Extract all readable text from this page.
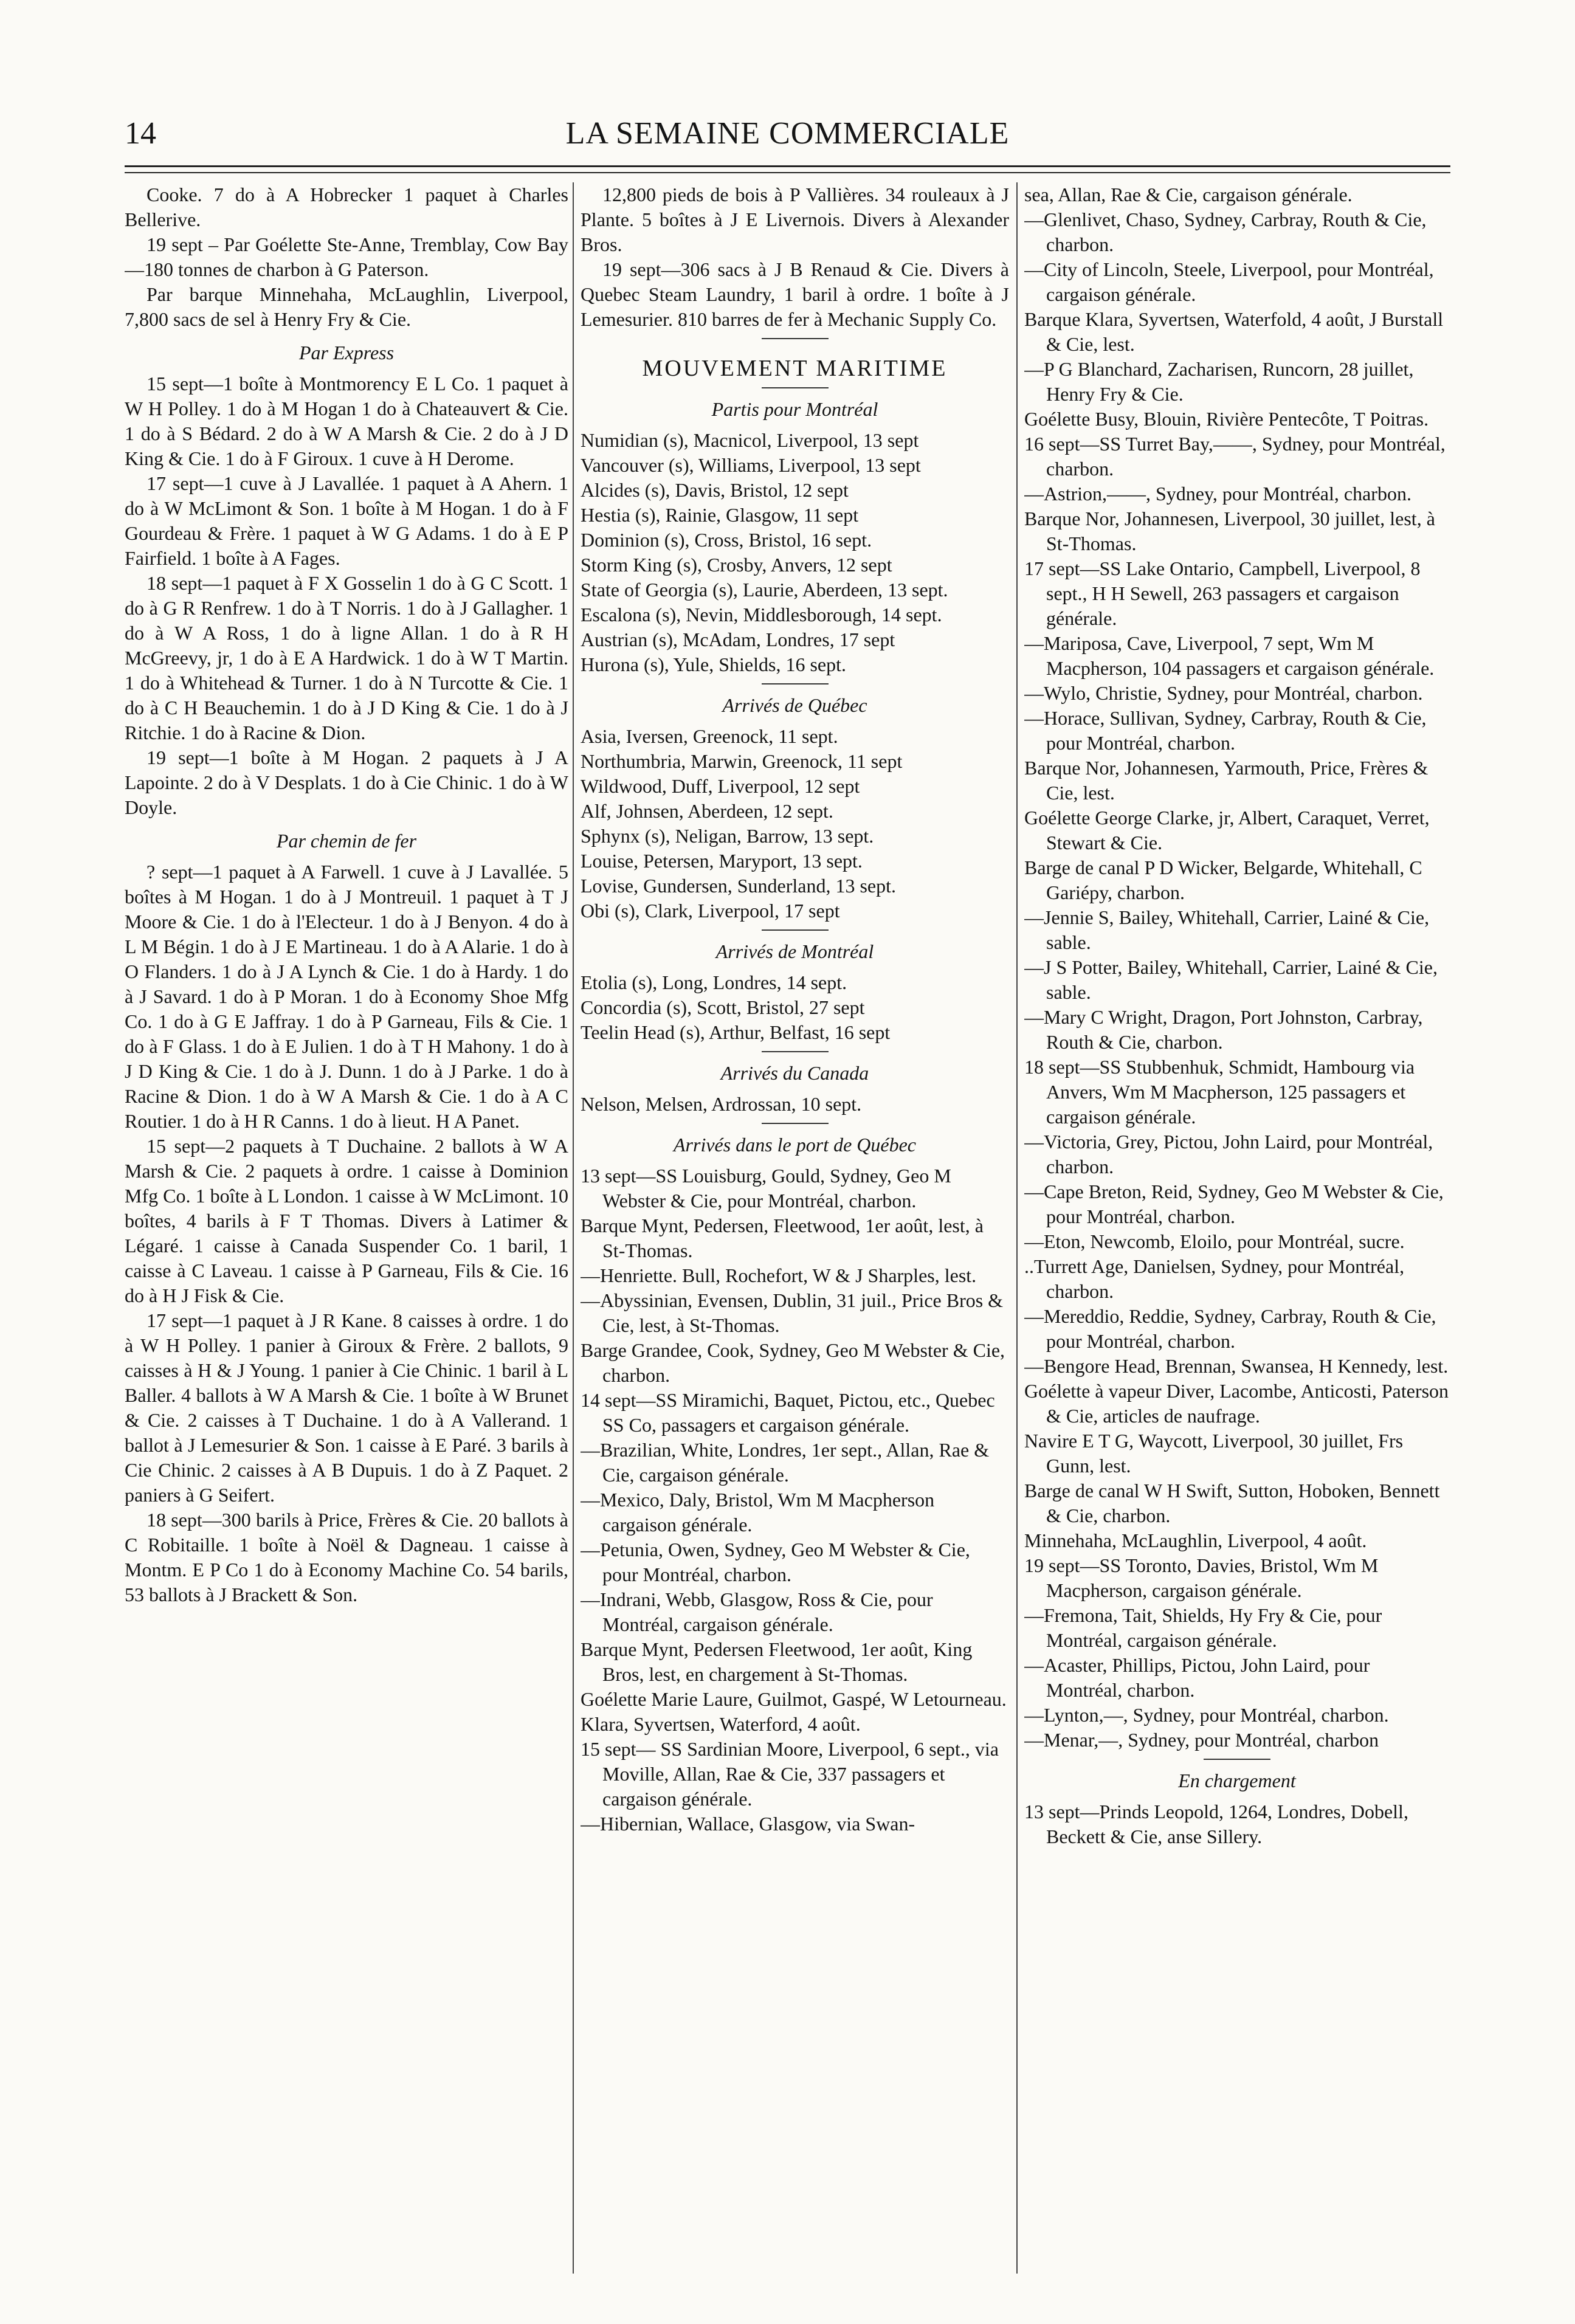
14	LA SEMAINE COMMERCIALE

Cooke. 7 do à A Hobrecker 1 paquet à Charles Bellerive.

19 sept – Par Goélette Ste-Anne, Tremblay, Cow Bay—180 tonnes de charbon à G Paterson.

Par barque Minnehaha, McLaughlin, Liverpool, 7,800 sacs de sel à Henry Fry & Cie.

Par Express

15 sept—1 boîte à Montmorency E L Co. 1 paquet à W H Polley. 1 do à M Hogan 1 do à Chateauvert & Cie. 1 do à S Bédard. 2 do à W A Marsh & Cie. 2 do à J D King & Cie. 1 do à F Giroux. 1 cuve à H Derome.

17 sept—1 cuve à J Lavallée. 1 paquet à A Ahern. 1 do à W McLimont & Son. 1 boîte à M Hogan. 1 do à F Gourdeau & Frère. 1 paquet à W G Adams. 1 do à E P Fairfield. 1 boîte à A Fages.

18 sept—1 paquet à F X Gosselin 1 do à G C Scott. 1 do à G R Renfrew. 1 do à T Norris. 1 do à J Gallagher. 1 do à W A Ross, 1 do à ligne Allan. 1 do à R H McGreevy, jr, 1 do à E A Hardwick. 1 do à W T Martin. 1 do à Whitehead & Turner. 1 do à N Turcotte & Cie. 1 do à C H Beauchemin. 1 do à J D King & Cie. 1 do à J Ritchie. 1 do à Racine & Dion.

19 sept—1 boîte à M Hogan. 2 paquets à J A Lapointe. 2 do à V Desplats. 1 do à Cie Chinic. 1 do à W Doyle.

Par chemin de fer

? sept—1 paquet à A Farwell. 1 cuve à J Lavallée. 5 boîtes à M Hogan. 1 do à J Montreuil. 1 paquet à T J Moore & Cie. 1 do à l'Electeur. 1 do à J Benyon. 4 do à L M Bégin. 1 do à J E Martineau. 1 do à A Alarie. 1 do à O Flanders. 1 do à J A Lynch & Cie. 1 do à Hardy. 1 do à J Savard. 1 do à P Moran. 1 do à Economy Shoe Mfg Co. 1 do à G E Jaffray. 1 do à P Garneau, Fils & Cie. 1 do à F Glass. 1 do à E Julien. 1 do à T H Mahony. 1 do à J D King & Cie. 1 do à J. Dunn. 1 do à J Parke. 1 do à Racine & Dion. 1 do à W A Marsh & Cie. 1 do à A C Routier. 1 do à H R Canns. 1 do à lieut. H A Panet.

15 sept—2 paquets à T Duchaine. 2 ballots à W A Marsh & Cie. 2 paquets à ordre. 1 caisse à Dominion Mfg Co. 1 boîte à L London. 1 caisse à W McLimont. 10 boîtes, 4 barils à F T Thomas. Divers à Latimer & Légaré. 1 caisse à Canada Suspender Co. 1 baril, 1 caisse à C Laveau. 1 caisse à P Garneau, Fils & Cie. 16 do à H J Fisk & Cie.

17 sept—1 paquet à J R Kane. 8 caisses à ordre. 1 do à W H Polley. 1 panier à Giroux & Frère. 2 ballots, 9 caisses à H & J Young. 1 panier à Cie Chinic. 1 baril à L Baller. 4 ballots à W A Marsh & Cie. 1 boîte à W Brunet & Cie. 2 caisses à T Duchaine. 1 do à A Vallerand. 1 ballot à J Lemesurier & Son. 1 caisse à E Paré. 3 barils à Cie Chinic. 2 caisses à A B Dupuis. 1 do à Z Paquet. 2 paniers à G Seifert.

18 sept—300 barils à Price, Frères & Cie. 20 ballots à C Robitaille. 1 boîte à Noël & Dagneau. 1 caisse à Montm. E P Co 1 do à Economy Machine Co. 54 barils, 53 ballots à J Brackett & Son.

12,800 pieds de bois à P Vallières. 34 rouleaux à J Plante. 5 boîtes à J E Livernois. Divers à Alexander Bros.

19 sept—306 sacs à J B Renaud & Cie. Divers à Quebec Steam Laundry, 1 baril à ordre. 1 boîte à J Lemesurier. 810 barres de fer à Mechanic Supply Co.

MOUVEMENT MARITIME
Partis pour Montréal

Numidian (s), Macnicol, Liverpool, 13 sept

Vancouver (s), Williams, Liverpool, 13 sept

Alcides (s), Davis, Bristol, 12 sept

Hestia (s), Rainie, Glasgow, 11 sept

Dominion (s), Cross, Bristol, 16 sept.

Storm King (s), Crosby, Anvers, 12 sept

State of Georgia (s), Laurie, Aberdeen, 13 sept.

Escalona (s), Nevin, Middlesborough, 14 sept.

Austrian (s), McAdam, Londres, 17 sept

Hurona (s), Yule, Shields, 16 sept.

Arrivés de Québec

Asia, Iversen, Greenock, 11 sept.

Northumbria, Marwin, Greenock, 11 sept

Wildwood, Duff, Liverpool, 12 sept

Alf, Johnsen, Aberdeen, 12 sept.

Sphynx (s), Neligan, Barrow, 13 sept.

Louise, Petersen, Maryport, 13 sept.

Lovise, Gundersen, Sunderland, 13 sept.

Obi (s), Clark, Liverpool, 17 sept

Arrivés de Montréal

Etolia (s), Long, Londres, 14 sept.

Concordia (s), Scott, Bristol, 27 sept

Teelin Head (s), Arthur, Belfast, 16 sept

Arrivés du Canada

Nelson, Melsen, Ardrossan, 10 sept.

Arrivés dans le port de Québec

13 sept—SS Louisburg, Gould, Sydney, Geo M Webster & Cie, pour Montréal, charbon.

Barque Mynt, Pedersen, Fleetwood, 1er août, lest, à St-Thomas.

—Henriette. Bull, Rochefort, W & J Sharples, lest.

—Abyssinian, Evensen, Dublin, 31 juil., Price Bros & Cie, lest, à St-Thomas.

Barge Grandee, Cook, Sydney, Geo M Webster & Cie, charbon.

14 sept—SS Miramichi, Baquet, Pictou, etc., Quebec SS Co, passagers et cargaison générale.

—Brazilian, White, Londres, 1er sept., Allan, Rae & Cie, cargaison générale.

—Mexico, Daly, Bristol, Wm M Macpherson cargaison générale.

—Petunia, Owen, Sydney, Geo M Webster & Cie, pour Montréal, charbon.

—Indrani, Webb, Glasgow, Ross & Cie, pour Montréal, cargaison générale.

Barque Mynt, Pedersen Fleetwood, 1er août, King Bros, lest, en chargement à St-Thomas.

Goélette Marie Laure, Guilmot, Gaspé, W Letourneau.

Klara, Syvertsen, Waterford, 4 août.

15 sept— SS Sardinian Moore, Liverpool, 6 sept., via Moville, Allan, Rae & Cie, 337 passagers et cargaison générale.

—Hibernian, Wallace, Glasgow, via Swan-

sea, Allan, Rae & Cie, cargaison générale.

—Glenlivet, Chaso, Sydney, Carbray, Routh & Cie, charbon.

—City of Lincoln, Steele, Liverpool, pour Montréal, cargaison générale.

Barque Klara, Syvertsen, Waterfold, 4 août, J Burstall & Cie, lest.

—P G Blanchard, Zacharisen, Runcorn, 28 juillet, Henry Fry & Cie.

Goélette Busy, Blouin, Rivière Pentecôte, T Poitras.

16 sept—SS Turret Bay,——, Sydney, pour Montréal, charbon.

—Astrion,——, Sydney, pour Montréal, charbon.

Barque Nor, Johannesen, Liverpool, 30 juillet, lest, à St-Thomas.

17 sept—SS Lake Ontario, Campbell, Liverpool, 8 sept., H H Sewell, 263 passagers et cargaison générale.

—Mariposa, Cave, Liverpool, 7 sept, Wm M Macpherson, 104 passagers et cargaison générale.

—Wylo, Christie, Sydney, pour Montréal, charbon.

—Horace, Sullivan, Sydney, Carbray, Routh & Cie, pour Montréal, charbon.

Barque Nor, Johannesen, Yarmouth, Price, Frères & Cie, lest.

Goélette George Clarke, jr, Albert, Caraquet, Verret, Stewart & Cie.

Barge de canal P D Wicker, Belgarde, Whitehall, C Gariépy, charbon.

—Jennie S, Bailey, Whitehall, Carrier, Lainé & Cie, sable.

—J S Potter, Bailey, Whitehall, Carrier, Lainé & Cie, sable.

—Mary C Wright, Dragon, Port Johnston, Carbray, Routh & Cie, charbon.

18 sept—SS Stubbenhuk, Schmidt, Hambourg via Anvers, Wm M Macpherson, 125 passagers et cargaison générale.

—Victoria, Grey, Pictou, John Laird, pour Montréal, charbon.

—Cape Breton, Reid, Sydney, Geo M Webster & Cie, pour Montréal, charbon.

—Eton, Newcomb, Eloilo, pour Montréal, sucre.

..Turrett Age, Danielsen, Sydney, pour Montréal, charbon.

—Mereddio, Reddie, Sydney, Carbray, Routh & Cie, pour Montréal, charbon.

—Bengore Head, Brennan, Swansea, H Kennedy, lest.

Goélette à vapeur Diver, Lacombe, Anticosti, Paterson & Cie, articles de naufrage.

Navire E T G, Waycott, Liverpool, 30 juillet, Frs Gunn, lest.

Barge de canal W H Swift, Sutton, Hoboken, Bennett & Cie, charbon.

Minnehaha, McLaughlin, Liverpool, 4 août.

19 sept—SS Toronto, Davies, Bristol, Wm M Macpherson, cargaison générale.

—Fremona, Tait, Shields, Hy Fry & Cie, pour Montréal, cargaison générale.

—Acaster, Phillips, Pictou, John Laird, pour Montréal, charbon.

—Lynton,—, Sydney, pour Montréal, charbon.

—Menar,—, Sydney, pour Montréal, charbon

En chargement

13 sept—Prinds Leopold, 1264, Londres, Dobell, Beckett & Cie, anse Sillery.
